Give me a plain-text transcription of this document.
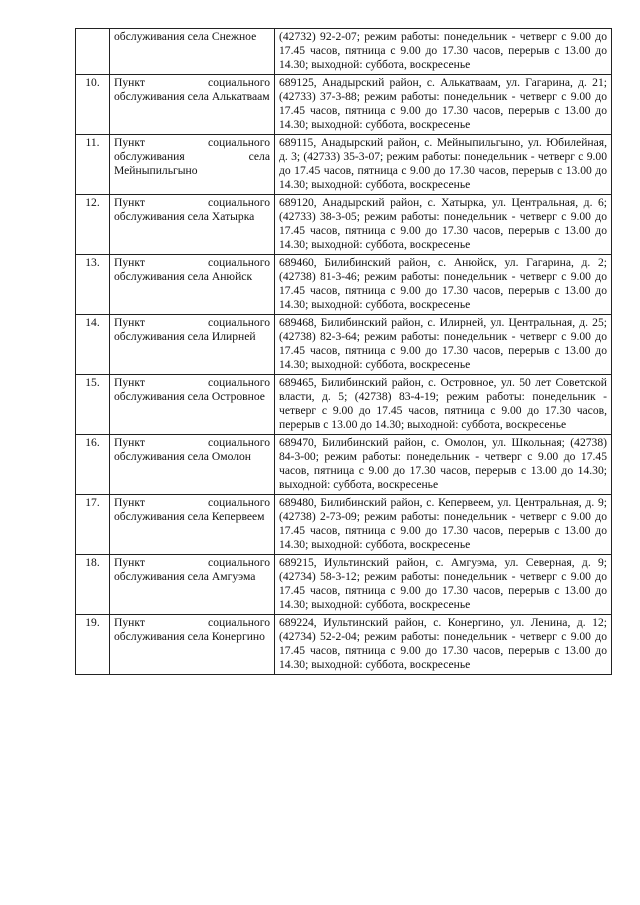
	обслуживания села Снежное	(42732) 92-2-07; режим работы: понедельник - четверг с 9.00 до 17.45 часов, пятница с 9.00 до 17.30 часов, перерыв с 13.00 до 14.30; выходной: суббота, воскресенье
10.	Пункт социального обслуживания села Алькатваам	689125, Анадырский район, с. Алькатваам, ул. Гагарина, д. 21; (42733) 37-3-88; режим работы: понедельник - четверг с 9.00 до 17.45 часов, пятница с 9.00 до 17.30 часов, перерыв с 13.00 до 14.30; выходной: суббота, воскресенье
11.	Пункт социального обслуживания села Мейныпильгыно	689115, Анадырский район, с. Мейныпильгыно, ул. Юбилейная, д. 3; (42733) 35-3-07; режим работы: понедельник - четверг с 9.00 до 17.45 часов, пятница с 9.00 до 17.30 часов, перерыв с 13.00 до 14.30; выходной: суббота, воскресенье
12.	Пункт социального обслуживания села Хатырка	689120, Анадырский район, с. Хатырка, ул. Центральная, д. 6; (42733) 38-3-05; режим работы: понедельник - четверг с 9.00 до 17.45 часов, пятница с 9.00 до 17.30 часов, перерыв с 13.00 до 14.30; выходной: суббота, воскресенье
13.	Пункт социального обслуживания села Анюйск	689460, Билибинский район, с. Анюйск, ул. Гагарина, д. 2; (42738) 81-3-46; режим работы: понедельник - четверг с 9.00 до 17.45 часов, пятница с 9.00 до 17.30 часов, перерыв с 13.00 до 14.30; выходной: суббота, воскресенье
14.	Пункт социального обслуживания села Илирней	689468, Билибинский район, с. Илирней, ул. Центральная, д. 25; (42738) 82-3-64; режим работы: понедельник - четверг с 9.00 до 17.45 часов, пятница с 9.00 до 17.30 часов, перерыв с 13.00 до 14.30; выходной: суббота, воскресенье
15.	Пункт социального обслуживания села Островное	689465, Билибинский район, с. Островное, ул. 50 лет Советской власти, д. 5; (42738) 83-4-19; режим работы: понедельник - четверг с 9.00 до 17.45 часов, пятница с 9.00 до 17.30 часов, перерыв с 13.00 до 14.30; выходной: суббота, воскресенье
16.	Пункт социального обслуживания села Омолон	689470, Билибинский район, с. Омолон, ул. Школьная; (42738) 84-3-00; режим работы: понедельник - четверг с 9.00 до 17.45 часов, пятница с 9.00 до 17.30 часов, перерыв с 13.00 до 14.30; выходной: суббота, воскресенье
17.	Пункт социального обслуживания села Кепервеем	689480, Билибинский район, с. Кепервеем, ул. Центральная, д. 9; (42738) 2-73-09; режим работы: понедельник - четверг с 9.00 до 17.45 часов, пятница с 9.00 до 17.30 часов, перерыв с 13.00 до 14.30; выходной: суббота, воскресенье
18.	Пункт социального обслуживания села Амгуэма	689215, Иультинский район, с. Амгуэма, ул. Северная, д. 9; (42734) 58-3-12; режим работы: понедельник - четверг с 9.00 до 17.45 часов, пятница с 9.00 до 17.30 часов, перерыв с 13.00 до 14.30; выходной: суббота, воскресенье
19.	Пункт социального обслуживания села Конергино	689224, Иультинский район, с. Конергино, ул. Ленина, д. 12; (42734) 52-2-04; режим работы: понедельник - четверг с 9.00 до 17.45 часов, пятница с 9.00 до 17.30 часов, перерыв с 13.00 до 14.30; выходной: суббота, воскресенье
